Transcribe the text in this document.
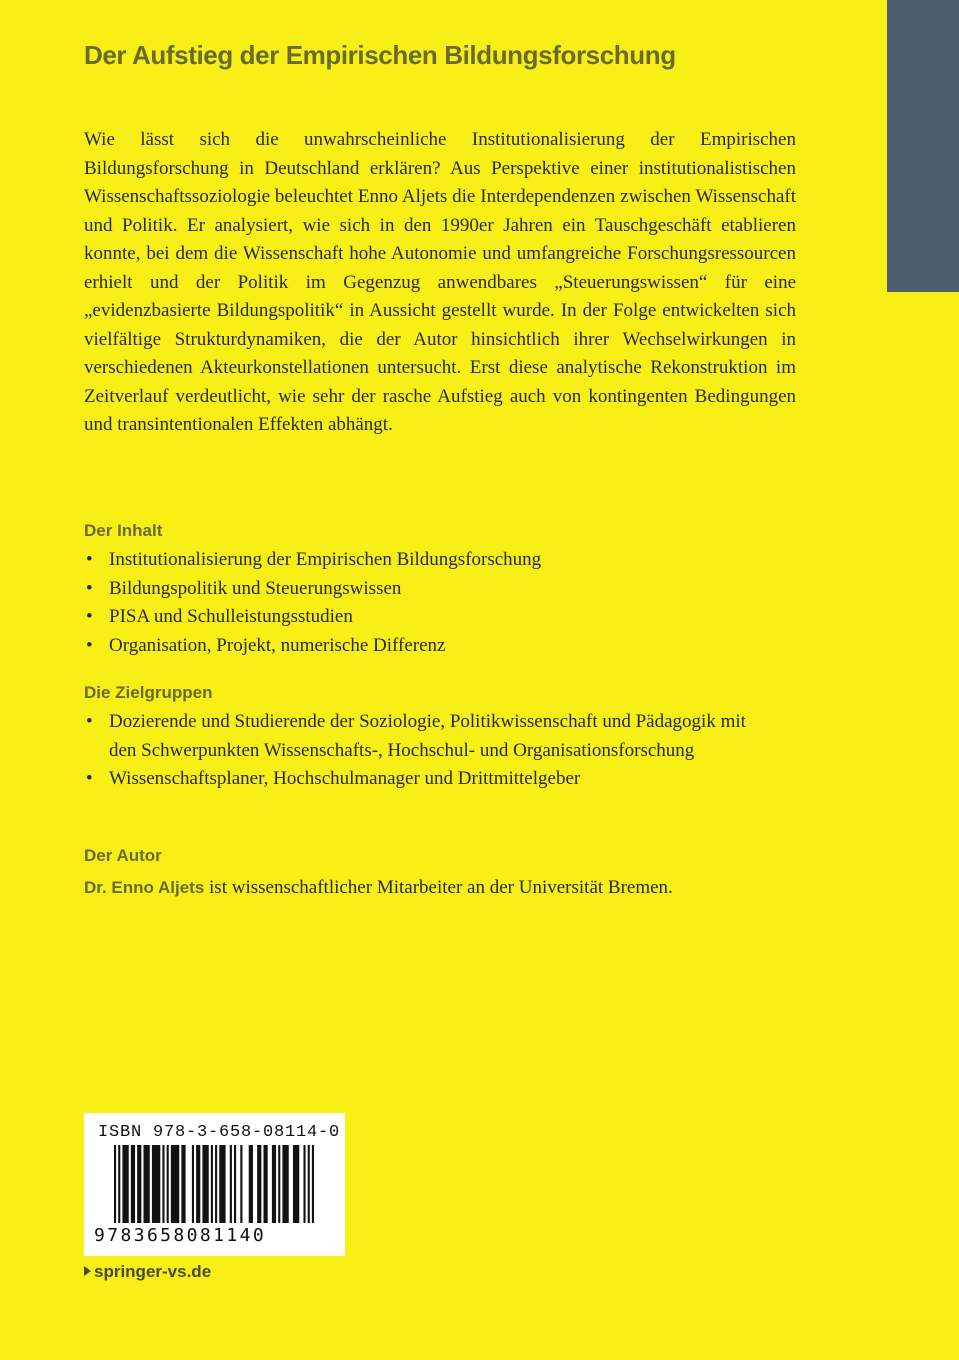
Der Aufstieg der Empirischen Bildungsforschung

Wie lässt sich die unwahrscheinliche Institutionalisierung der Empirischen Bildungsforschung in Deutschland erklären? Aus Perspektive einer institutionalistischen Wissenschaftssoziologie beleuchtet Enno Aljets die Interdependenzen zwischen Wissenschaft und Politik. Er analysiert, wie sich in den 1990er Jahren ein Tauschgeschäft etablieren konnte, bei dem die Wissenschaft hohe Autonomie und umfangreiche Forschungsressourcen erhielt und der Politik im Gegenzug anwendbares „Steuerungswissen“ für eine „evidenzbasierte Bildungspolitik“ in Aussicht gestellt wurde. In der Folge entwickelten sich vielfältige Strukturdynamiken, die der Autor hinsichtlich ihrer Wechselwirkungen in verschiedenen Akteurkonstellationen untersucht. Erst diese analytische Rekonstruktion im Zeitverlauf verdeutlicht, wie sehr der rasche Aufstieg auch von kontingenten Bedingungen und transintentionalen Effekten abhängt.

Der Inhalt
• Institutionalisierung der Empirischen Bildungsforschung
• Bildungspolitik und Steuerungswissen
• PISA und Schulleistungsstudien
• Organisation, Projekt, numerische Differenz
Die Zielgruppen
• Dozierende und Studierende der Soziologie, Politikwissenschaft und Pädagogik mit den Schwerpunkten Wissenschafts-, Hochschul- und Organisationsforschung
• Wissenschaftsplaner, Hochschulmanager und Drittmittelgeber
Der Autor

Dr. Enno Aljets ist wissenschaftlicher Mitarbeiter an der Universität Bremen.

ISBN 978-3-658-08114-0
9783658081140
springer-vs.de
